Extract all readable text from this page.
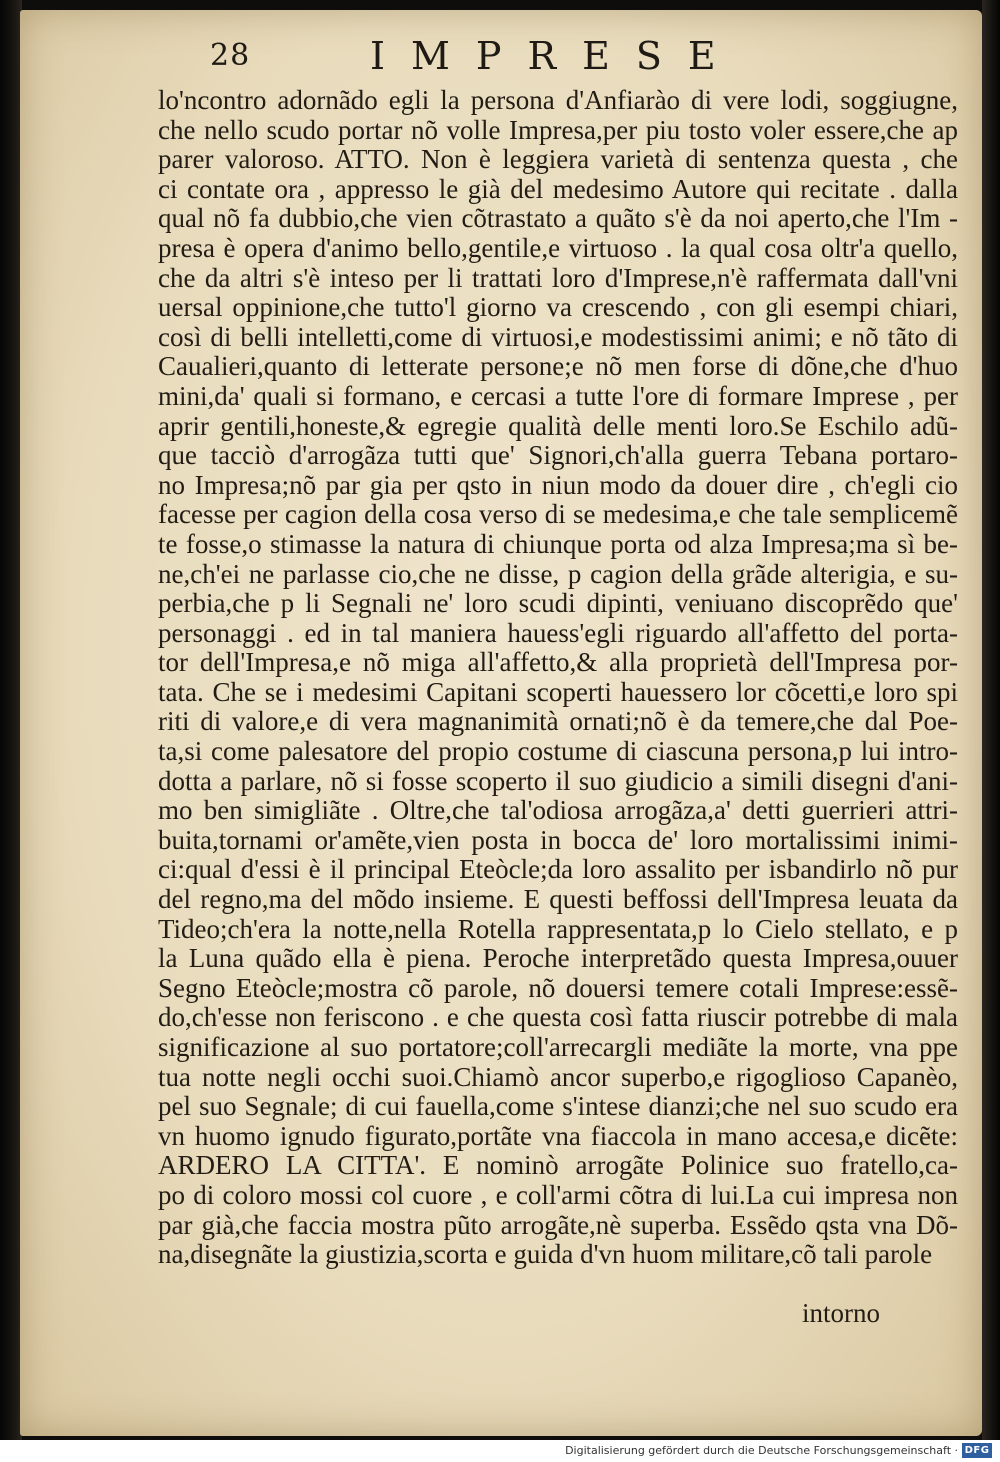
28	IMPRESE
lo'ncontro adornãdo egli la persona d'Anfiarào di vere lodi, soggiugne,
che nello scudo portar nõ volle Impresa,per piu tosto voler essere,che ap
parer valoroso. ATTO. Non è leggiera varietà di sentenza questa , che
ci contate ora , appresso le già del medesimo Autore qui recitate . dalla
qual nõ fa dubbio,che vien cõtrastato a quãto s'è da noi aperto,che l'Im -
presa è opera d'animo bello,gentile,e virtuoso . la qual cosa oltr'a quello,
che da altri s'è inteso per li trattati loro d'Imprese,n'è raffermata dall'vni
uersal oppinione,che tutto'l giorno va crescendo , con gli esempi chiari,
così di belli intelletti,come di virtuosi,e modestissimi animi; e nõ tãto di
Caualieri,quanto di letterate persone;e nõ men forse di dõne,che d'huo
mini,da' quali si formano, e cercasi a tutte l'ore di formare Imprese , per
aprir gentili,honeste,& egregie qualità delle menti loro.Se Eschilo adũ-
que tacciò d'arrogãza tutti que' Signori,ch'alla guerra Tebana portaro-
no Impresa;nõ par gia per qsto in niun modo da douer dire , ch'egli cio
facesse per cagion della cosa verso di se medesima,e che tale semplicemẽ
te fosse,o stimasse la natura di chiunque porta od alza Impresa;ma sì be-
ne,ch'ei ne parlasse cio,che ne disse, p cagion della grãde alterigia, e su-
perbia,che p li Segnali ne' loro scudi dipinti, veniuano discoprẽdo que'
personaggi . ed in tal maniera hauess'egli riguardo all'affetto del porta-
tor dell'Impresa,e nõ miga all'affetto,& alla proprietà dell'Impresa por-
tata. Che se i medesimi Capitani scoperti hauessero lor cõcetti,e loro spi
riti di valore,e di vera magnanimità ornati;nõ è da temere,che dal Poe-
ta,si come palesatore del propio costume di ciascuna persona,p lui intro-
dotta a parlare, nõ si fosse scoperto il suo giudicio a simili disegni d'ani-
mo ben simigliãte . Oltre,che tal'odiosa arrogãza,a' detti guerrieri attri-
buita,tornami or'amẽte,vien posta in bocca de' loro mortalissimi inimi-
ci:qual d'essi è il principal Eteòcle;da loro assalito per isbandirlo nõ pur
del regno,ma del mõdo insieme. E questi beffossi dell'Impresa leuata da
Tideo;ch'era la notte,nella Rotella rappresentata,p lo Cielo stellato, e p
la Luna quãdo ella è piena. Peroche interpretãdo questa Impresa,ouuer
Segno Eteòcle;mostra cõ parole, nõ douersi temere cotali Imprese:essẽ-
do,ch'esse non feriscono . e che questa così fatta riuscir potrebbe di mala
significazione al suo portatore;coll'arrecargli mediãte la morte, vna ppe
tua notte negli occhi suoi.Chiamò ancor superbo,e rigoglioso Capanèo,
pel suo Segnale; di cui fauella,come s'intese dianzi;che nel suo scudo era
vn huomo ignudo figurato,portãte vna fiaccola in mano accesa,e dicẽte:
ARDERO LA CITTA'. E nominò arrogãte Polinice suo fratello,ca-
po di coloro mossi col cuore , e coll'armi cõtra di lui.La cui impresa non
par già,che faccia mostra pũto arrogãte,nè superba. Essẽdo qsta vna Dõ-
na,disegnãte la giustizia,scorta e guida d'vn huom militare,cõ tali parole
intorno
Digitalisierung gefördert durch die Deutsche Forschungsgemeinschaft · DFG
